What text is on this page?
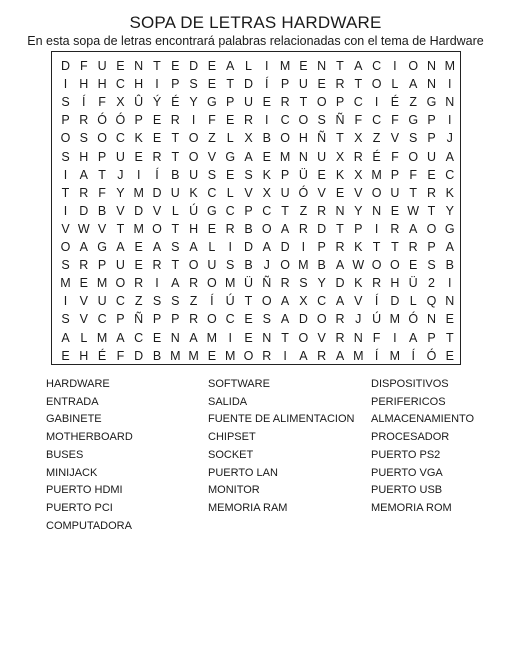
SOPA DE LETRAS HARDWARE
En esta sopa de letras encontrará palabras relacionadas con el tema de Hardware
D F U E N T E D E A L	I M E N T A C I O N M
I H H C H I P S E T D Í P U E R T O L A N I
S Í	F X Û Ý É Y G P U E R T O P C I É Z G N
P R Ó Ó P E R I	F E R I C O S Ñ F C F G P I
O S O C K E T O Z L X B O H Ñ T X Z V S P J
S H P U E R T O V G A E M N U X R É F O U A
I A T J	I	Í B U S E S K P Ü E K X M P F E C
T R F Y M D U K C L V X U Ó V E V O U T R K
I D B V D V L Ú G C P C T Z R N Y N E W T Y
V W V T M O T H E R B O A R D T P I R A O G
O A G A E A S A L	I D A D I P R K T T R P A
S R P U E R T O U S B J O M B A W O O E S B
M E M O R I A R O M Ü Ñ R S Y D K R H Ü 2	I
I V U C Z S S Z	Í Ú T O A X C A V Í D L Q N
S V C P Ñ P P R O C E S A D O R J Ú M Ó N E
A L M A C E N A M I E N T O V R N F	I A P T
E H É F D B M M E M O R I A R A M Í M Í Ó E
HARDWARE
ENTRADA
GABINETE
MOTHERBOARD
BUSES
MINIJACK
PUERTO HDMI
PUERTO PCI
COMPUTADORA
SOFTWARE
SALIDA
FUENTE DE ALIMENTACION
CHIPSET
SOCKET
PUERTO LAN
MONITOR
MEMORIA RAM
DISPOSITIVOS
PERIFERICOS
ALMACENAMIENTO
PROCESADOR
PUERTO PS2
PUERTO VGA
PUERTO USB
MEMORIA ROM
